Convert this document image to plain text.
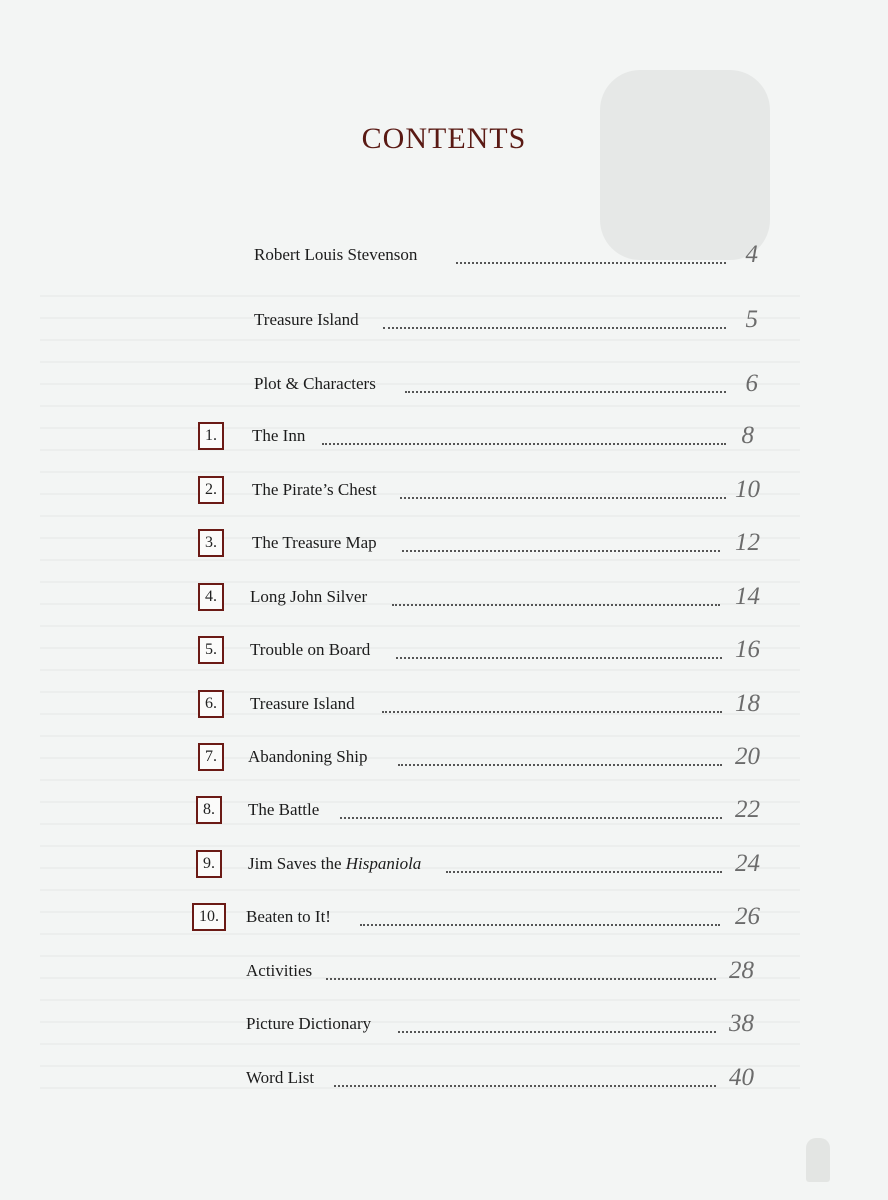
CONTENTS
Robert Louis Stevenson	4
Treasure Island	5
Plot & Characters	6
1.	The Inn	8
2.	The Pirate’s Chest	10
3.	The Treasure Map	12
4.	Long John Silver	14
5.	Trouble on Board	16
6.	Treasure Island	18
7.	Abandoning Ship	20
8.	The Battle	22
9.	Jim Saves the Hispaniola	24
10.	Beaten to It!	26
Activities	28
Picture Dictionary	38
Word List	40
